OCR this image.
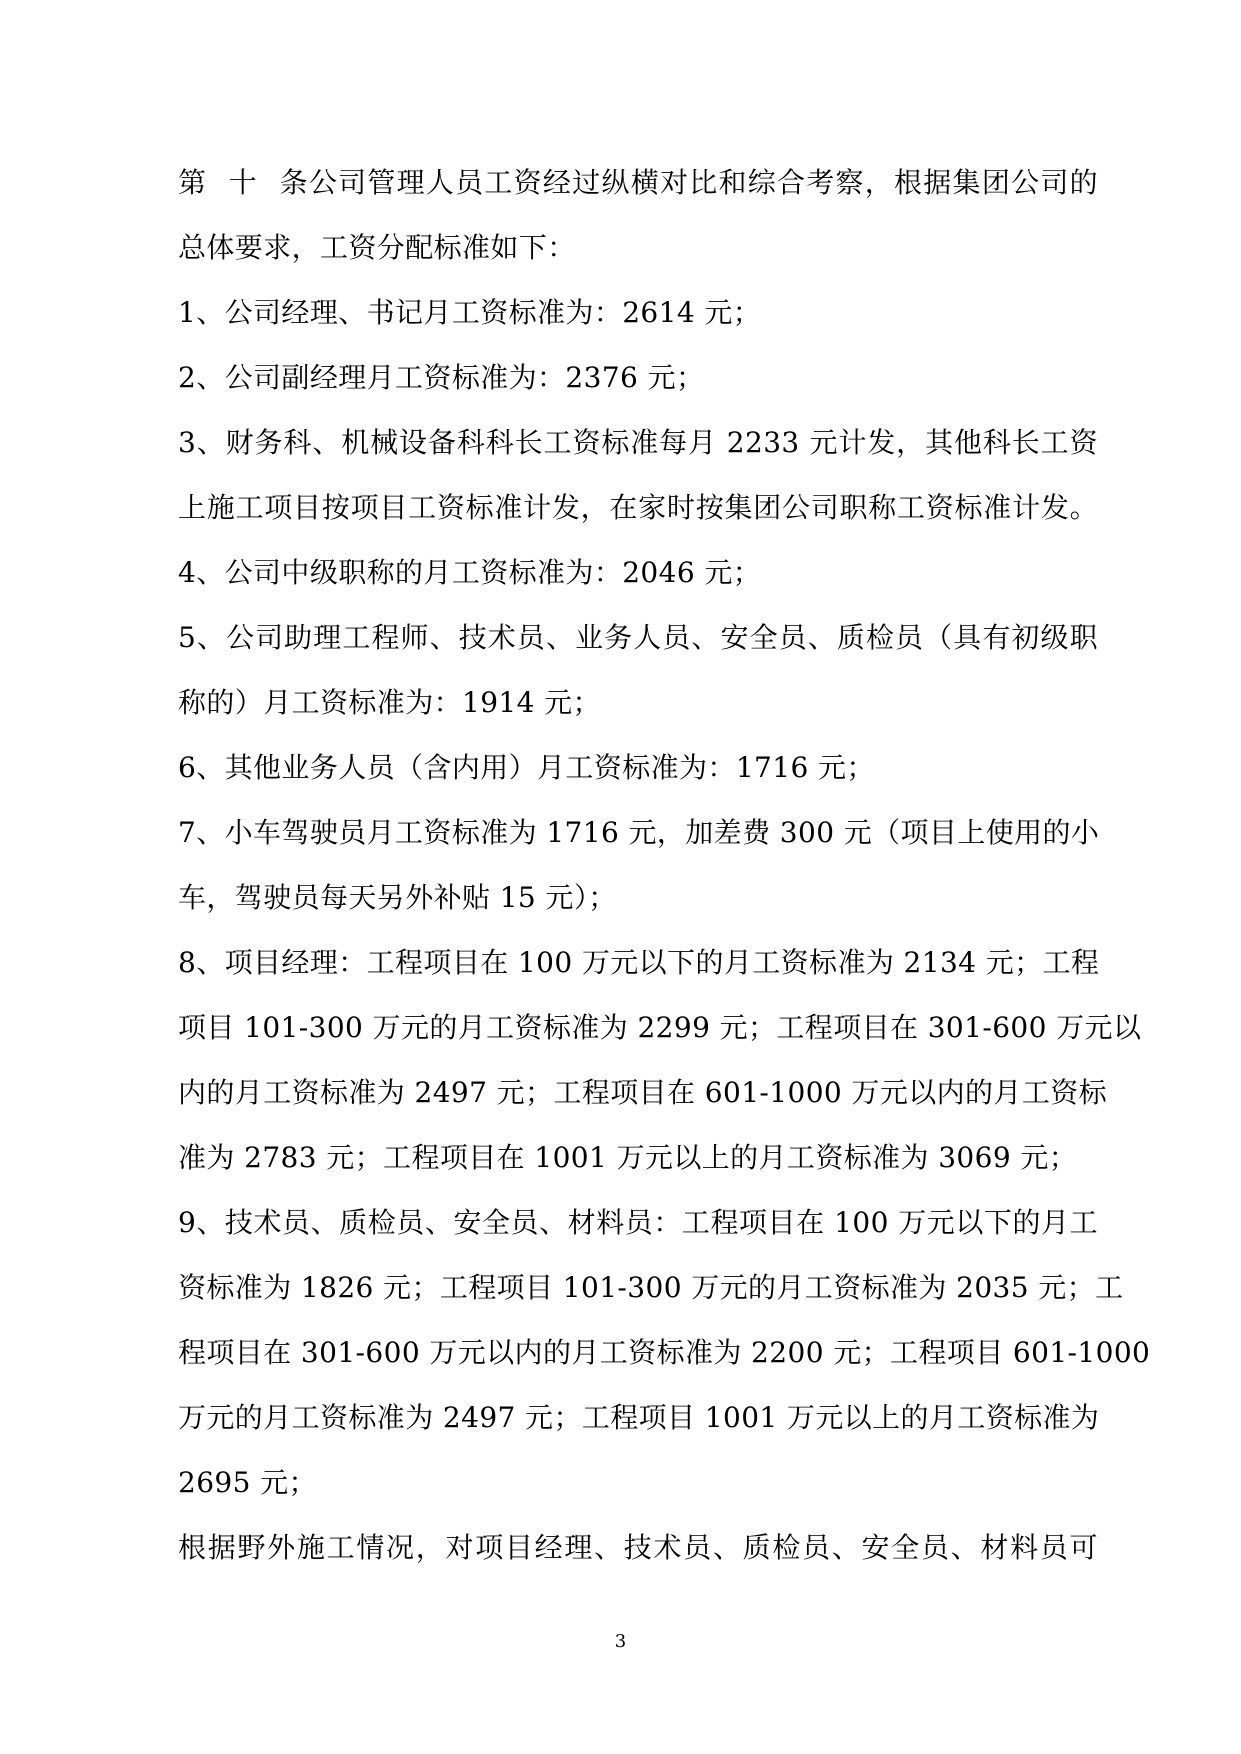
第十条公司管理人员工资经过纵横对比和综合考察，根据集团公司的
总体要求，工资分配标准如下：
1、公司经理、书记月工资标准为：2614 元；
2、公司副经理月工资标准为：2376 元；
3、财务科、机械设备科科长工资标准每月 2233 元计发，其他科长工资
上施工项目按项目工资标准计发，在家时按集团公司职称工资标准计发。
4、公司中级职称的月工资标准为：2046 元；
5、公司助理工程师、技术员、业务人员、安全员、质检员（具有初级职
称的）月工资标准为：1914 元；
6、其他业务人员（含内用）月工资标准为：1716 元；
7、小车驾驶员月工资标准为 1716 元，加差费 300 元（项目上使用的小
车，驾驶员每天另外补贴 15 元）；
8、项目经理：工程项目在 100 万元以下的月工资标准为 2134 元；工程
项目 101-300 万元的月工资标准为 2299 元；工程项目在 301-600 万元以
内的月工资标准为 2497 元；工程项目在 601-1000 万元以内的月工资标
准为 2783 元；工程项目在 1001 万元以上的月工资标准为 3069 元；
9、技术员、质检员、安全员、材料员：工程项目在 100 万元以下的月工
资标准为 1826 元；工程项目 101-300 万元的月工资标准为 2035 元；工
程项目在 301-600 万元以内的月工资标准为 2200 元；工程项目 601-1000
万元的月工资标准为 2497 元；工程项目 1001 万元以上的月工资标准为
2695 元；
根据野外施工情况，对项目经理、技术员、质检员、安全员、材料员可
3
